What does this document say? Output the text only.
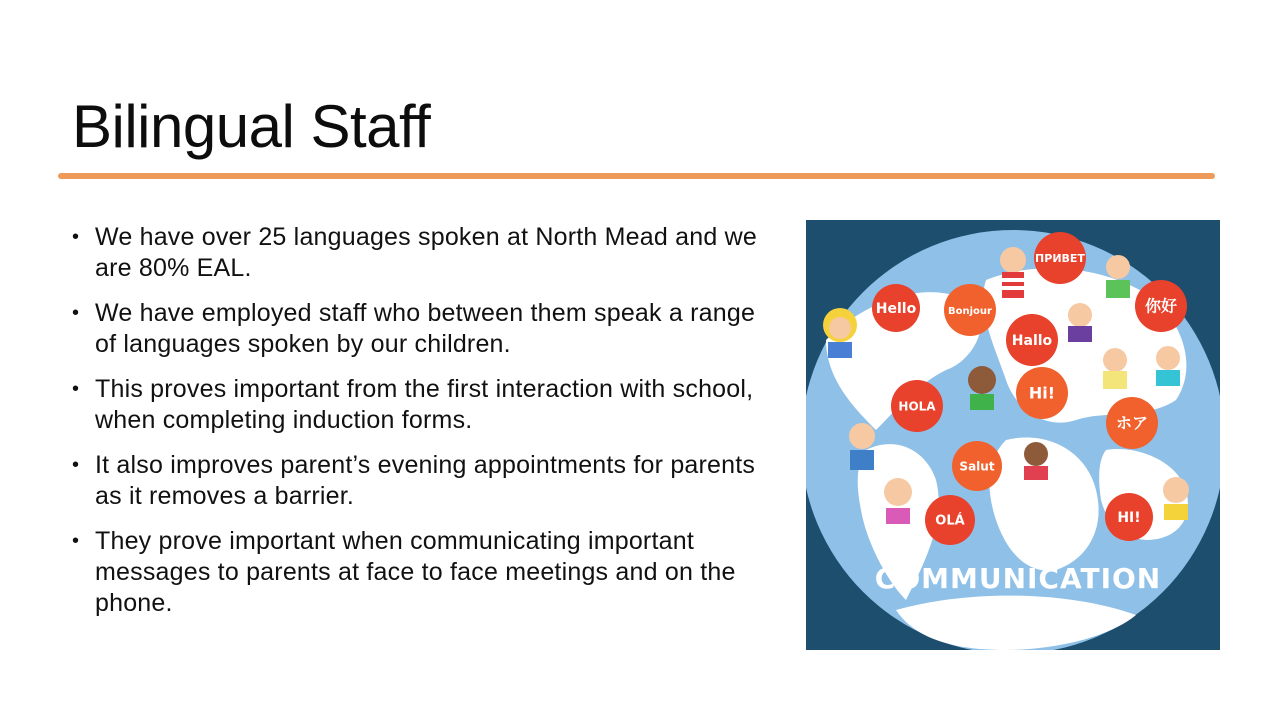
Bilingual Staff
• We have over 25 languages spoken at North Mead and we are 80% EAL.
• We have employed staff who between them speak a range of languages spoken by our children.
• This proves important from the first interaction with school, when completing induction forms.
• It also improves parent’s evening appointments for parents as it removes a barrier.
• They prove important when communicating important messages to parents at face to face meetings and on the phone.
Hello	Bonjour
ПРИВЕТ
你好
Hallo
HOLA
Hi!
ホア
Salut
OLÁ	HI!
COMMUNICATION
